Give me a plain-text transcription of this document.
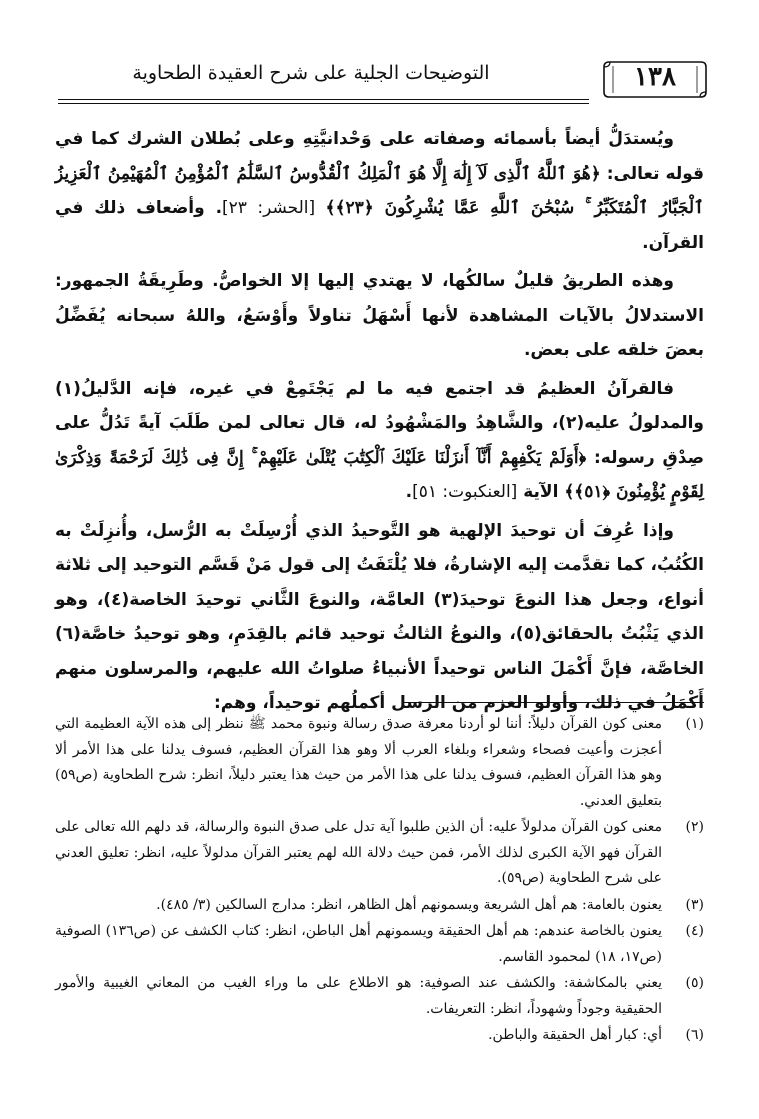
١٣٨
التوضيحات الجلية على شرح العقيدة الطحاوية

ويُستدَلُّ أيضاً بأسمائه وصفاته على وَحْدانيَّتِهِ وعلى بُطلان الشرك كما في قوله تعالى: ﴿هُوَ ٱللَّهُ ٱلَّذِى لَآ إِلَٰهَ إِلَّا هُوَ ٱلْمَلِكُ ٱلْقُدُّوسُ ٱلسَّلَٰمُ ٱلْمُؤْمِنُ ٱلْمُهَيْمِنُ ٱلْعَزِيزُ ٱلْجَبَّارُ ٱلْمُتَكَبِّرُ ۚ سُبْحَٰنَ ٱللَّهِ عَمَّا يُشْرِكُونَ ﴿٢٣﴾﴾ [الحشر: ٢٣]. وأضعاف ذلك في القرآن.

وهذه الطريقُ قليلٌ سالكُها، لا يهتدي إليها إلا الخواصُّ. وطَرِيقَةُ الجمهور: الاستدلالُ بالآيات المشاهدة لأنها أَسْهَلُ تناولاً وأَوْسَعُ، واللهُ سبحانه يُفَضِّلُ بعضَ خلقه على بعض.

فالقرآنُ العظيمُ قد اجتمع فيه ما لم يَجْتَمِعْ في غيره، فإنه الدَّليلُ(١) والمدلولُ عليه(٢)، والشَّاهِدُ والمَشْهُودُ له، قال تعالى لمن طَلَبَ آيةً تَدُلُّ على صِدْقِ رسوله: ﴿أَوَلَمْ يَكْفِهِمْ أَنَّآ أَنزَلْنَا عَلَيْكَ ٱلْكِتَٰبَ يُتْلَىٰ عَلَيْهِمْ ۚ إِنَّ فِى ذَٰلِكَ لَرَحْمَةً وَذِكْرَىٰ لِقَوْمٍ يُؤْمِنُونَ ﴿٥١﴾﴾ الآية [العنكبوت: ٥١].

وإذا عُرِفَ أن توحيدَ الإلهية هو التَّوحيدُ الذي أُرْسِلَتْ به الرُّسل، وأُنزِلَتْ به الكُتُبُ، كما تقدَّمت إليه الإشارةُ، فلا يُلْتَفَتُ إلى قول مَنْ قَسَّم التوحيد إلى ثلاثة أنواع، وجعل هذا النوعَ توحيدَ(٣) العامَّة، والنوعَ الثَّاني توحيدَ الخاصة(٤)، وهو الذي يَثْبُتُ بالحقائق(٥)، والنوعُ الثالثُ توحيد قائم بالقِدَمِ، وهو توحيدُ خاصَّة(٦) الخاصَّة، فإنَّ أَكْمَلَ الناس توحيداً الأنبياءُ صلواتُ الله عليهم، والمرسلون منهم أَكْمَلُ في ذلك، وأولو العزم من الرسل أكملُهم توحيداً، وهم:

(١)
معنى كون القرآن دليلاً: أننا لو أردنا معرفة صدق رسالة ونبوة محمد ﷺ ننظر إلى هذه الآية العظيمة التي أعجزت وأعيت فصحاء وشعراء وبلغاء العرب ألا وهو هذا القرآن العظيم، فسوف يدلنا على هذا الأمر ألا وهو هذا القرآن العظيم، فسوف يدلنا على هذا الأمر من حيث هذا يعتبر دليلاً، انظر: شرح الطحاوية (ص٥٩) بتعليق العدني.
(٢)
معنى كون القرآن مدلولاً عليه: أن الذين طلبوا آية تدل على صدق النبوة والرسالة، قد دلهم الله تعالى على القرآن فهو الآية الكبرى لذلك الأمر، فمن حيث دلالة الله لهم يعتبر القرآن مدلولاً عليه، انظر: تعليق العدني على شرح الطحاوية (ص٥٩).
(٣)
يعنون بالعامة: هم أهل الشريعة ويسمونهم أهل الظاهر، انظر: مدارج السالكين (٣/ ٤٨٥).
(٤)
يعنون بالخاصة عندهم: هم أهل الحقيقة ويسمونهم أهل الباطن، انظر: كتاب الكشف عن (ص١٣٦) الصوفية (ص١٧، ١٨) لمحمود القاسم.
(٥)
يعني بالمكاشفة: والكشف عند الصوفية: هو الاطلاع على ما وراء الغيب من المعاني الغيبية والأمور الحقيقية وجوداً وشهوداً، انظر: التعريفات.
(٦)
أي: كبار أهل الحقيقة والباطن.
